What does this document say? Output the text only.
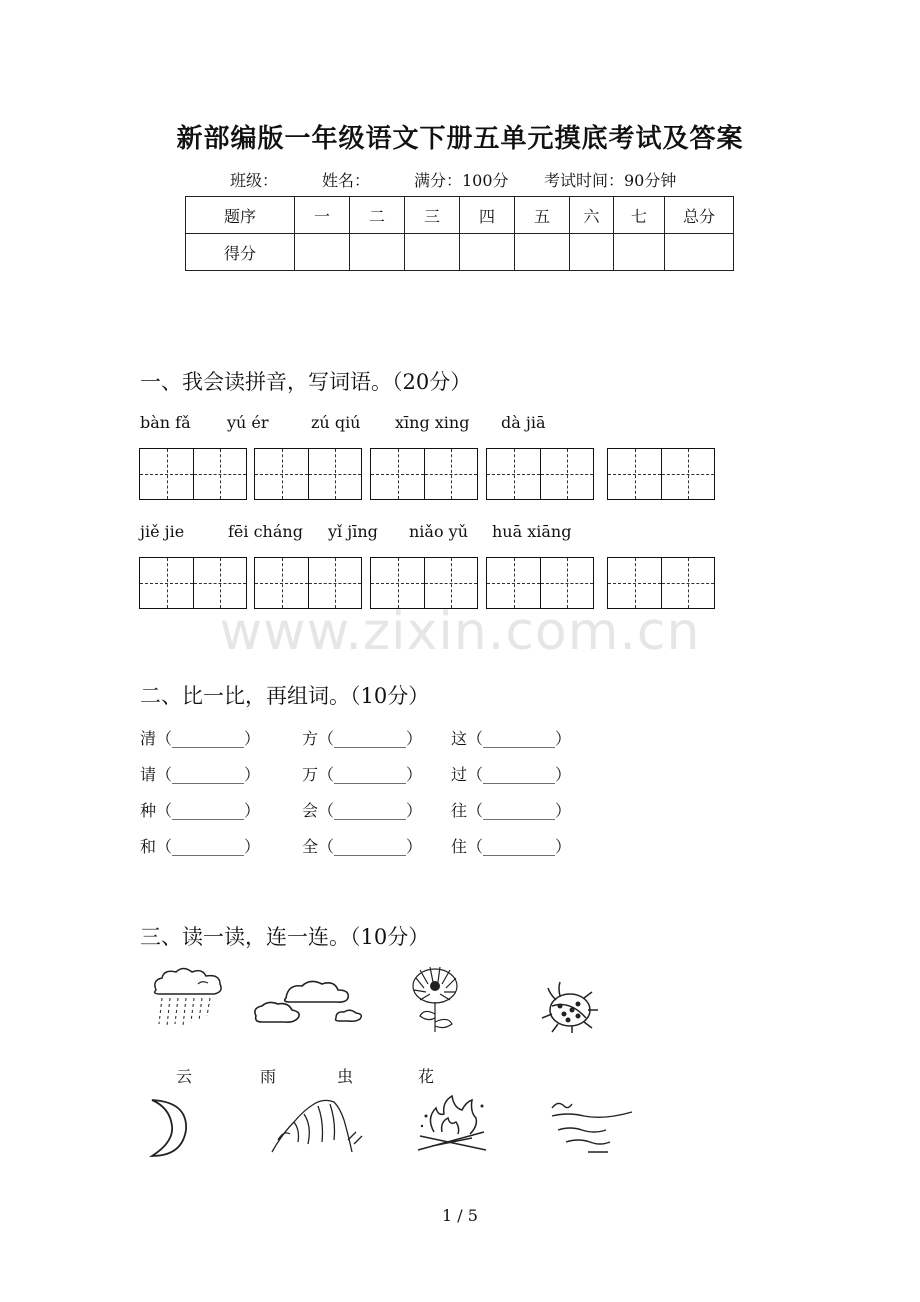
新部编版一年级语文下册五单元摸底考试及答案
班级：	姓名：	满分：100分 考试时间：90分钟
题序	一	二	三	四	五	六	七	总分
得分								
一、我会读拼音，写词语。（20分）
bàn fǎ yú ér	zú qiú xīng xing dà jiā
jiě jie	fēi cháng yǐ jīng niǎo yǔ huā xiāng
www.zixin.com.cn
二、比一比，再组词。（10分）
清（_________）	方（_________） 这（_________）
请（_________）	万（_________） 过（_________）
种（_________）	会（_________） 往（_________）
和（_________）	全（_________） 住（_________）
三、读一读，连一连。（10分）
云	雨	虫	花
1 / 5
